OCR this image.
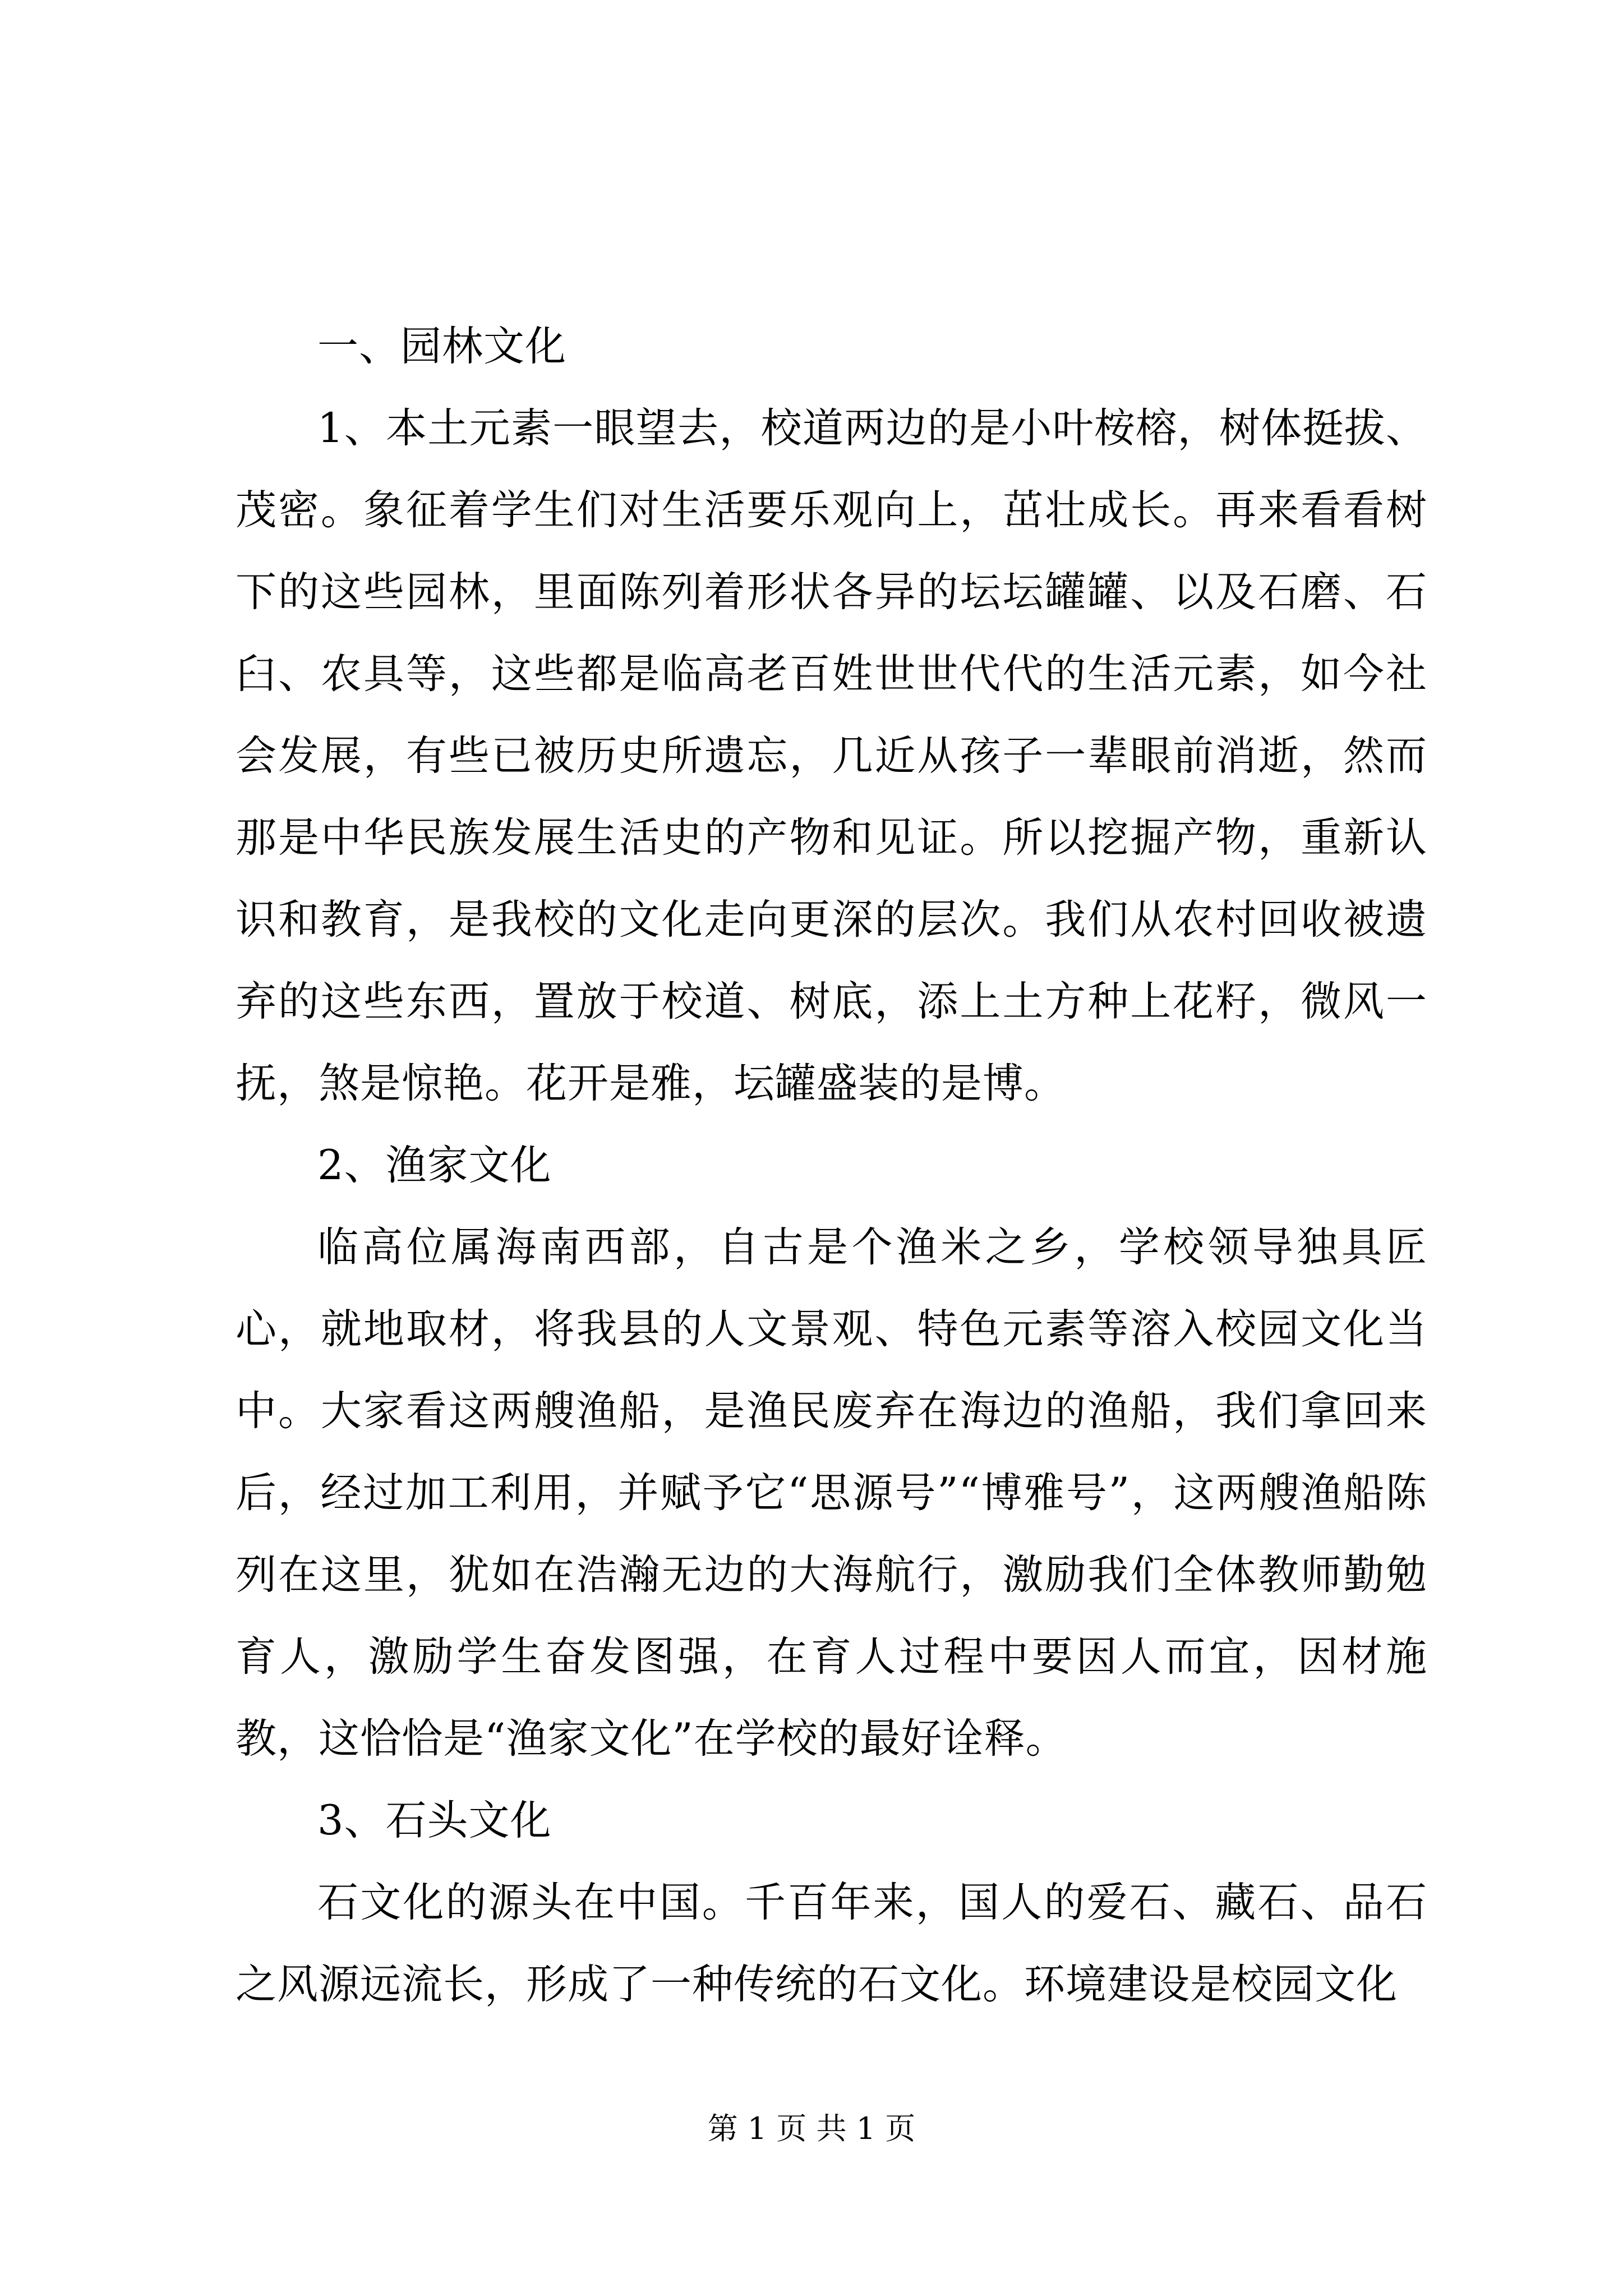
一、园林文化

1、本土元素一眼望去，校道两边的是小叶桉榕，树体挺拔、茂密。象征着学生们对生活要乐观向上，茁壮成长。再来看看树下的这些园林，里面陈列着形状各异的坛坛罐罐、以及石磨、石臼、农具等，这些都是临高老百姓世世代代的生活元素，如今社会发展，有些已被历史所遗忘，几近从孩子一辈眼前消逝，然而那是中华民族发展生活史的产物和见证。所以挖掘产物，重新认识和教育，是我校的文化走向更深的层次。我们从农村回收被遗弃的这些东西，置放于校道、树底，添上土方种上花籽，微风一抚，煞是惊艳。花开是雅，坛罐盛装的是博。

2、渔家文化

临高位属海南西部，自古是个渔米之乡，学校领导独具匠心，就地取材，将我县的人文景观、特色元素等溶入校园文化当中。大家看这两艘渔船，是渔民废弃在海边的渔船，我们拿回来后，经过加工利用，并赋予它“思源号”“博雅号”，这两艘渔船陈列在这里，犹如在浩瀚无边的大海航行，激励我们全体教师勤勉育人，激励学生奋发图强，在育人过程中要因人而宜，因材施教，这恰恰是“渔家文化”在学校的最好诠释。

3、石头文化

石文化的源头在中国。千百年来，国人的爱石、藏石、品石之风源远流长，形成了一种传统的石文化。环境建设是校园文化

第 1 页 共 1 页
